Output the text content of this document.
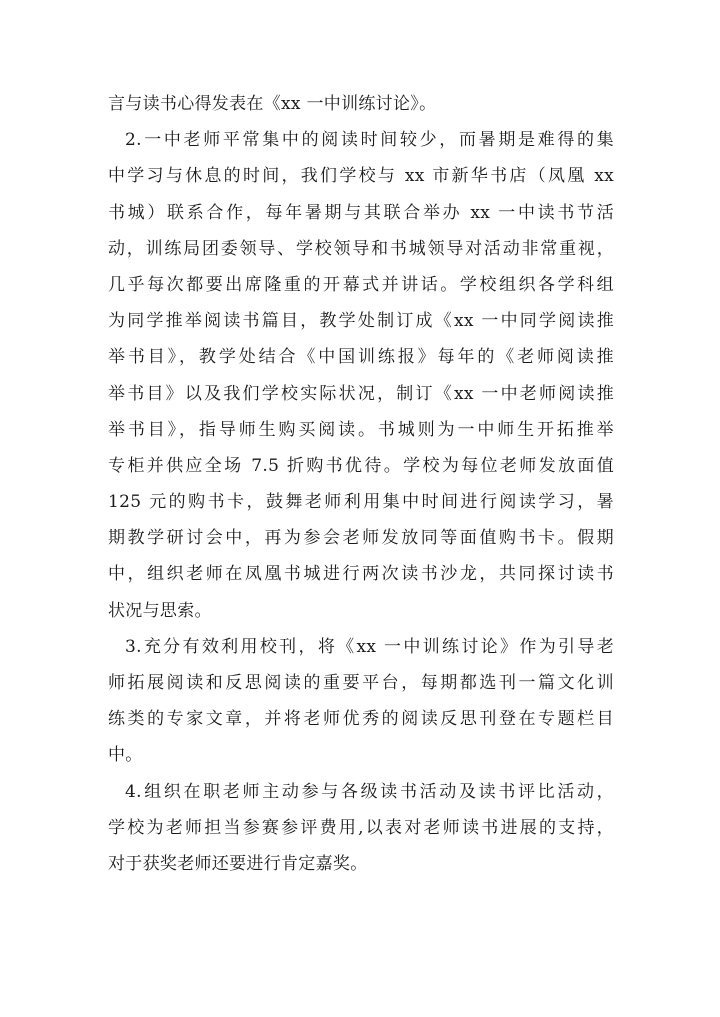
言与读书心得发表在《xx 一中训练讨论》。
2.一中老师平常集中的阅读时间较少，而暑期是难得的集
中学习与休息的时间，我们学校与 xx 市新华书店（凤凰 xx
书城）联系合作，每年暑期与其联合举办 xx 一中读书节活
动，训练局团委领导、学校领导和书城领导对活动非常重视，
几乎每次都要出席隆重的开幕式并讲话。学校组织各学科组
为同学推举阅读书篇目，教学处制订成《xx 一中同学阅读推
举书目》，教学处结合《中国训练报》每年的《老师阅读推
举书目》以及我们学校实际状况，制订《xx 一中老师阅读推
举书目》，指导师生购买阅读。书城则为一中师生开拓推举
专柜并供应全场 7.5 折购书优待。学校为每位老师发放面值
125 元的购书卡，鼓舞老师利用集中时间进行阅读学习，暑
期教学研讨会中，再为参会老师发放同等面值购书卡。假期
中，组织老师在凤凰书城进行两次读书沙龙，共同探讨读书
状况与思索。
3.充分有效利用校刊，将《xx 一中训练讨论》作为引导老
师拓展阅读和反思阅读的重要平台，每期都选刊一篇文化训
练类的专家文章，并将老师优秀的阅读反思刊登在专题栏目
中。
4.组织在职老师主动参与各级读书活动及读书评比活动，
学校为老师担当参赛参评费用,以表对老师读书进展的支持，
对于获奖老师还要进行肯定嘉奖。
